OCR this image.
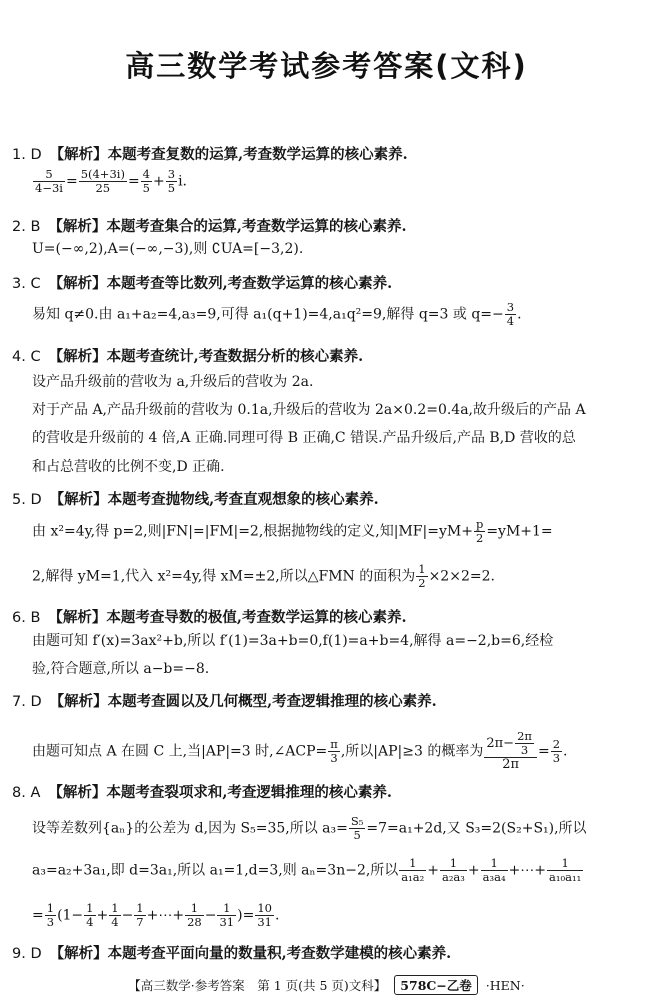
高三数学考试参考答案(文科)
1. D 【解析】本题考查复数的运算,考查数学运算的核心素养.
$\frac{5}{4-3i} = \frac{5(4+3i)}{25} = \frac{4}{5} + \frac{3}{5} i$.
2. B 【解析】本题考查集合的运算,考查数学运算的核心素养.
U=(−∞,2),A=(−∞,−3),则 ∁UA=[−3,2).
3. C 【解析】本题考查等比数列,考查数学运算的核心素养.
易知 q≠0.由 a₁+a₂=4,a₃=9,可得 a₁(q+1)=4,a₁q²=9,解得 q=3 或 $q=- \frac{3}{4}$ .
4. C 【解析】本题考查统计,考查数据分析的核心素养.
设产品升级前的营收为 a,升级后的营收为 2a.
对于产品 A,产品升级前的营收为 0.1a,升级后的营收为 2a×0.2=0.4a,故升级后的产品 A
的营收是升级前的 4 倍,A 正确.同理可得 B 正确,C 错误.产品升级后,产品 B,D 营收的总
和占总营收的比例不变,D 正确.
5. D 【解析】本题考查抛物线,考查直观想象的核心素养.
由 x²=4y,得 p=2,则|FN|=|FM|=2,根据抛物线的定义,知$|MF|=yM+ \frac{p}{2} =yM+1=$
2,解得 yM=1,代入 x²=4y,得 xM=±2,所以△FMN 的面积为 $\frac{1}{2} \times 2\times 2=2$.
6. B 【解析】本题考查导数的极值,考查数学运算的核心素养.
由题可知 f′(x)=3ax²+b,所以 f′(1)=3a+b=0,f(1)=a+b=4,解得 a=−2,b=6,经检
验,符合题意,所以 a−b=−8.
7. D 【解析】本题考查圆以及几何概型,考查逻辑推理的核心素养.
由题可知点 A 在圆 C 上,当|AP|=3 时,∠ACP= $\frac{\pi}{3}$ ,所以|AP|≥3 的概率为 $\frac{2\pi- \frac{2\pi}{3}}{2\pi} = \frac{2}{3}$ .
8. A 【解析】本题考查裂项求和,考查逻辑推理的核心素养.
设等差数列{aₙ}的公差为 d,因为 S₅=35,所以 $a_3= \frac{\text{S₅}}{5} =7=a_1+2d$,又 S₃=2(S₂+S₁),所以
a₃=a₂+3a₁,即 d=3a₁,所以 a₁=1,d=3,则 aₙ=3n−2,所以 $\frac{1}{\text{a₁a₂}} + \frac{1}{\text{a₂a₃}} + \frac{1}{\text{a₃a₄}}$ +⋯+ $\frac{1}{\text{a₁₀a₁₁}}$
= $\frac{1}{3} (1- \frac{1}{4} + \frac{1}{4} - \frac{1}{7}$ +⋯+ $\frac{1}{28} - \frac{1}{31}$ )= $\frac{10}{31}$ .
9. D 【解析】本题考查平面向量的数量积,考查数学建模的核心素养.
【高三数学·参考答案　第 1 页(共 5 页)文科】 578C−乙卷 ·HEN·
